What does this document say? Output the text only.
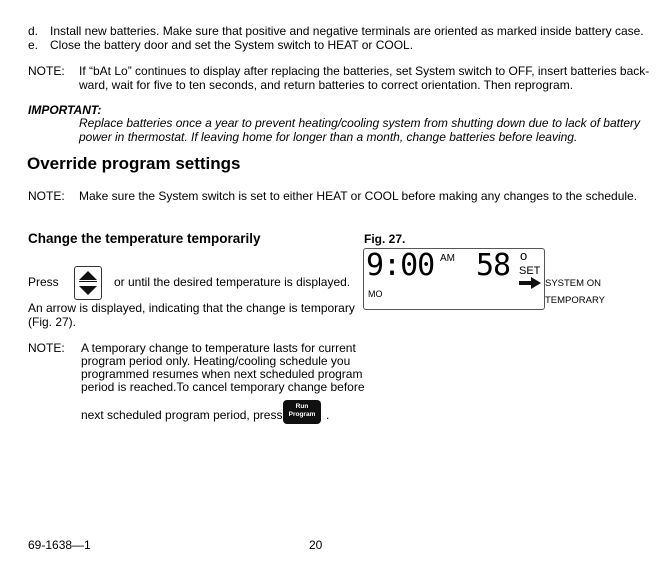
d. Install new batteries. Make sure that positive and negative terminals are oriented as marked inside battery case.
e. Close the battery door and set the System switch to HEAT or COOL.
NOTE: If “bAt Lo” continues to display after replacing the batteries, set System switch to OFF, insert batteries back-
ward, wait for five to ten seconds, and return batteries to correct orientation. Then reprogram.
IMPORTANT:
Replace batteries once a year to prevent heating/cooling system from shutting down due to lack of battery
power in thermostat. If leaving home for longer than a month, change batteries before leaving.
Override program settings
NOTE: Make sure the System switch is set to either HEAT or COOL before making any changes to the schedule.
Change the temperature temporarily
Press	or until the desired temperature is displayed.
An arrow is displayed, indicating that the change is temporary
(Fig. 27).
NOTE: A temporary change to temperature lasts for current
program period only. Heating/cooling schedule you
programmed resumes when next scheduled program
period is reached.To cancel temporary change before
next scheduled program period, press
Run
Program .
Fig. 27.
9:00 AM 58 o
SET
MO
SYSTEM ON
TEMPORARY
69-1638—1	20
